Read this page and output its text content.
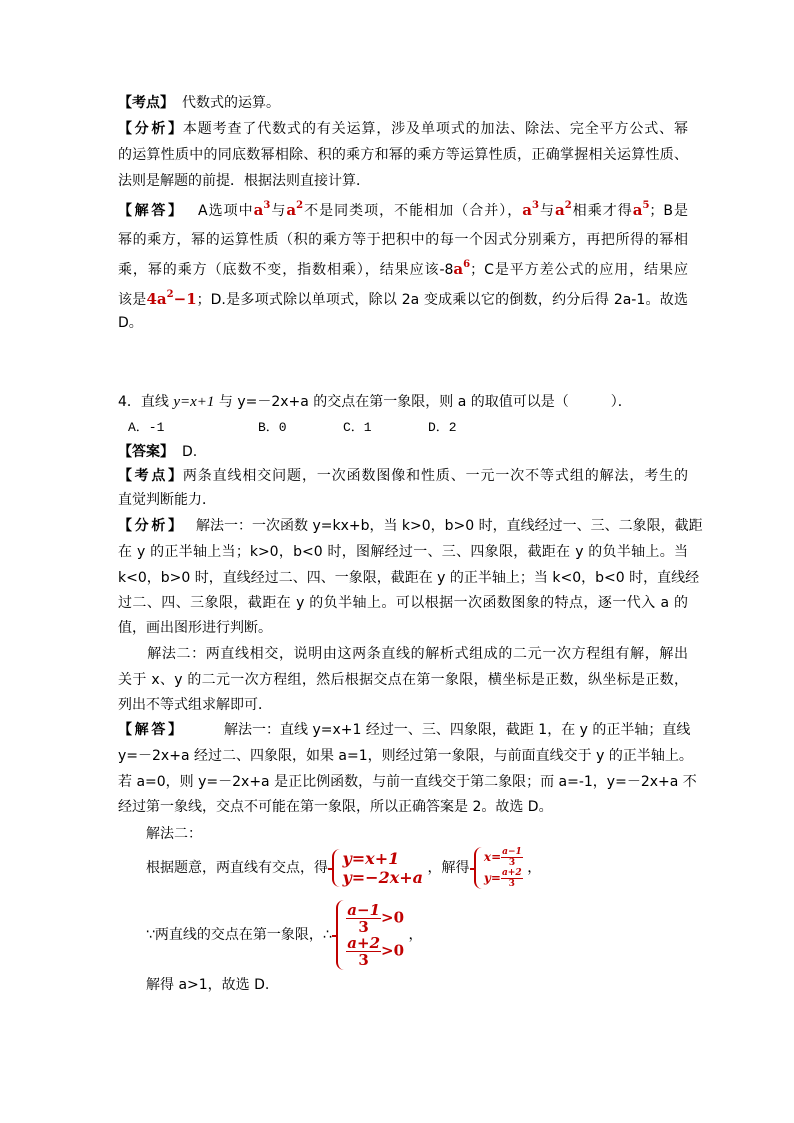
【考点】 代数式的运算。
【分析】本题考查了代数式的有关运算，涉及单项式的加法、除法、完全平方公式、幂
的运算性质中的同底数幂相除、积的乘方和幂的乘方等运算性质，正确掌握相关运算性质、
法则是解题的前提．根据法则直接计算．
【解答】　A选项中$a^3$与$a^2$不是同类项，不能相加（合并），$a^3$与$a^2$相乘才得$a^5$；B是
幂的乘方，幂的运算性质（积的乘方等于把积中的每一个因式分别乘方，再把所得的幂相
乘，幂的乘方（底数不变，指数相乘），结果应该$-8a^6$；C是平方差公式的应用，结果应
该是$4a^2-1$；D.是多项式除以单项式，除以 2a 变成乘以它的倒数，约分后得 2a-1。故选
D。
4．直线 y=x+1 与 y=－2x+a 的交点在第一象限，则 a 的取值可以是（　　　）．
【答案】 D.
【考点】两条直线相交问题，一次函数图像和性质、一元一次不等式组的解法，考生的
直觉判断能力．
【分析】　解法一：一次函数 y=kx+b，当 k>0，b>0 时，直线经过一、三、二象限，截距
在 y 的正半轴上当；k>0，b<0 时，图解经过一、三、四象限，截距在 y 的负半轴上。当
k<0，b>0 时，直线经过二、四、一象限，截距在 y 的正半轴上；当 k<0，b<0 时，直线经
过二、四、三象限，截距在 y 的负半轴上。可以根据一次函数图象的特点，逐一代入 a 的
值，画出图形进行判断。
　　解法二：两直线相交，说明由这两条直线的解析式组成的二元一次方程组有解，解出
关于 x、y 的二元一次方程组，然后根据交点在第一象限，横坐标是正数，纵坐标是正数，
列出不等式组求解即可．
【解答】　　　解法一：直线 y=x+1 经过一、三、四象限，截距 1，在 y 的正半轴；直线
y=－2x+a 经过二、四象限，如果 a=1，则经过第一象限，与前面直线交于 y 的正半轴上。
若 a=0，则 y=－2x+a 是正比例函数，与前一直线交于第二象限；而 a=-1，y=－2x+a 不
经过第一象线，交点不可能在第一象限，所以正确答案是 2。故选 D。
　　解法二：
　　解得 a>1，故选 D.
A．-1	B．0	C．1	D．2
根据题意，两直线有交点，得 y=x+1
y=−2x+a ，解得
$x= \frac{a-1}{3}$
$y= \frac{a+2}{3}$ ，
∵两直线的交点在第一象限，∴ $\frac{a-1}{3} >0$
$\frac{a+2}{3} >0$
，
